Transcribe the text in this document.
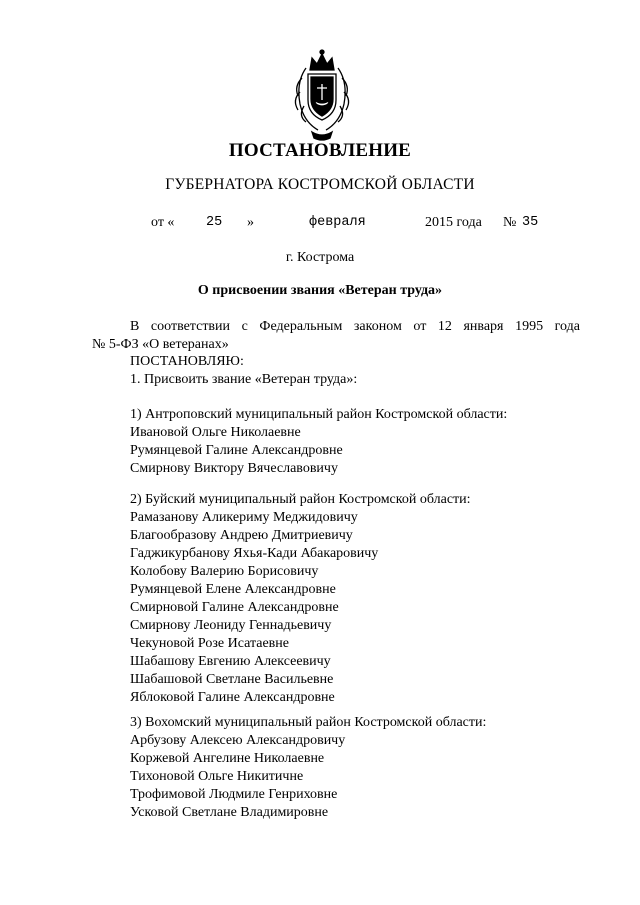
ПОСТАНОВЛЕНИЕ
ГУБЕРНАТОРА КОСТРОМСКОЙ ОБЛАСТИ
от « 25 »	февраля	2015 года № 35
г. Кострома
О присвоении звания «Ветеран труда»
В соответствии с Федеральным законом от 12 января 1995 года
№ 5-ФЗ «О ветеранах»
ПОСТАНОВЛЯЮ:
1. Присвоить звание «Ветеран труда»:
1) Антроповский муниципальный район Костромской области:
Ивановой Ольге Николаевне
Румянцевой Галине Александровне
Смирнову Виктору Вячеславовичу
2) Буйский муниципальный район Костромской области:
Рамазанову Аликериму Меджидовичу
Благообразову Андрею Дмитриевичу
Гаджикурбанову Яхья-Кади Абакаровичу
Колобову Валерию Борисовичу
Румянцевой Елене Александровне
Смирновой Галине Александровне
Смирнову Леониду Геннадьевичу
Чекуновой Розе Исатаевне
Шабашову Евгению Алексеевичу
Шабашовой Светлане Васильевне
Яблоковой Галине Александровне
3) Вохомский муниципальный район Костромской области:
Арбузову Алексею Александровичу
Коржевой Ангелине Николаевне
Тихоновой Ольге Никитичне
Трофимовой Людмиле Генриховне
Усковой Светлане Владимировне
